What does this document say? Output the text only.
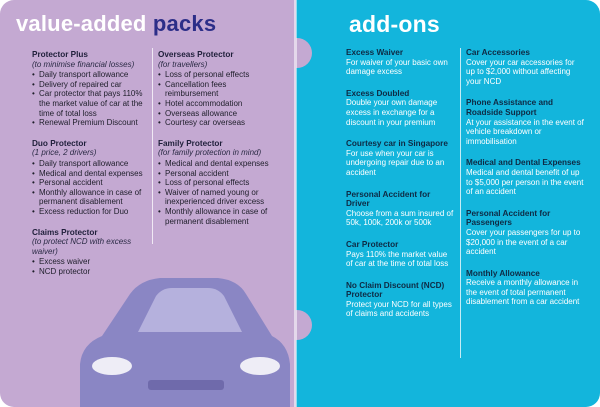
value-added packs	add-ons
Protector Plus
(to minimise financial losses)
• Daily transport allowance
• Delivery of repaired car
• Car protector that pays 110% the market value of car at the time of total loss
• Renewal Premium Discount
Duo Protector
(1 price, 2 drivers)
• Daily transport allowance
• Medical and dental expenses
• Personal accident
• Monthly allowance in case of permanent disablement
• Excess reduction for Duo
Claims Protector
(to protect NCD with excess waiver)
• Excess waiver
• NCD protector
Overseas Protector
(for travellers)
• Loss of personal effects
• Cancellation fees reimbursement
• Hotel accommodation
• Overseas allowance
• Courtesy car overseas
Family Protector
(for family protection in mind)
• Medical and dental expenses
• Personal accident
• Loss of personal effects
• Waiver of named young or inexperienced driver excess
• Monthly allowance in case of permanent disablement
Excess Waiver
For waiver of your basic own damage excess
Excess Doubled
Double your own damage excess in exchange for a discount in your premium
Courtesy car in Singapore
For use when your car is undergoing repair due to an accident
Personal Accident for Driver
Choose from a sum insured of 50k, 100k, 200k or 500k
Car Protector
Pays 110% the market value of car at the time of total loss
No Claim Discount (NCD) Protector
Protect your NCD for all types of claims and accidents
Car Accessories
Cover your car accessories for up to $2,000 without affecting your NCD
Phone Assistance and Roadside Support
At your assistance in the event of vehicle breakdown or immobilisation
Medical and Dental Expenses
Medical and dental benefit of up to $5,000 per person in the event of an accident
Personal Accident for Passengers
Cover your passengers for up to $20,000 in the event of a car accident
Monthly Allowance
Receive a monthly allowance in the event of total permanent disablement from a car accident
